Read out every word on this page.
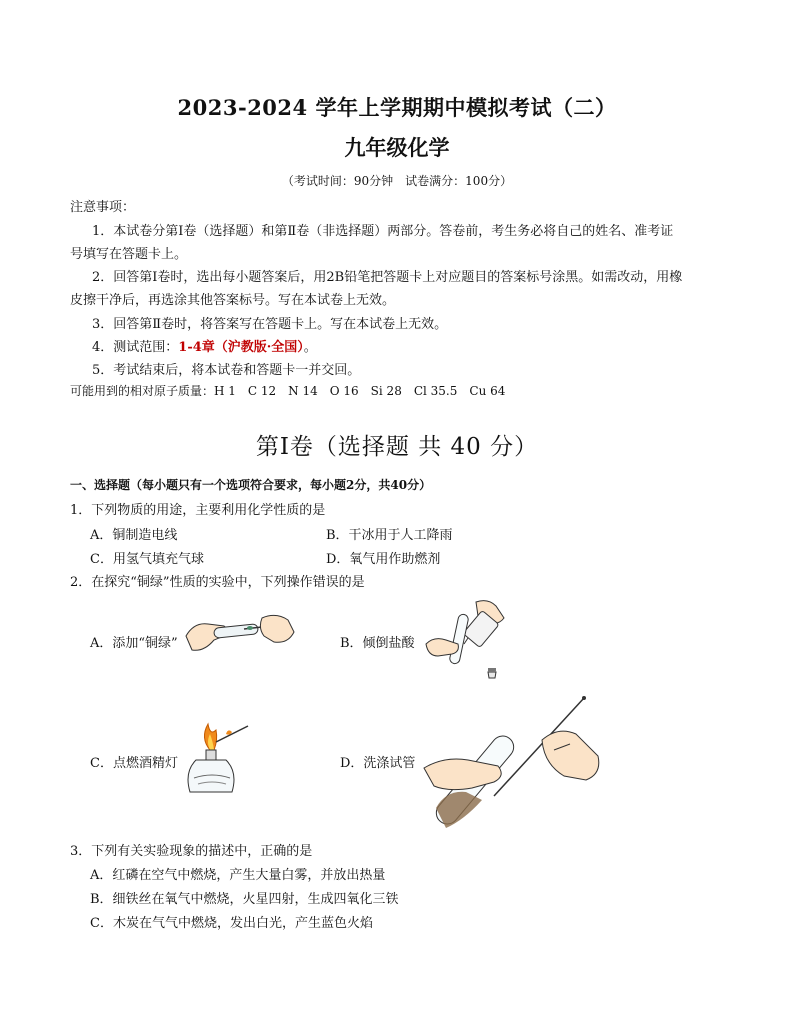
2023-2024 学年上学期期中模拟考试（二）
九年级化学
（考试时间：90分钟　试卷满分：100分）
注意事项：
1．本试卷分第Ⅰ卷（选择题）和第Ⅱ卷（非选择题）两部分。答卷前，考生务必将自己的姓名、准考证
号填写在答题卡上。
2．回答第Ⅰ卷时，选出每小题答案后，用2B铅笔把答题卡上对应题目的答案标号涂黑。如需改动，用橡
皮擦干净后，再选涂其他答案标号。写在本试卷上无效。
3．回答第Ⅱ卷时，将答案写在答题卡上。写在本试卷上无效。
4．测试范围：1-4章（沪教版·全国）。
5．考试结束后，将本试卷和答题卡一并交回。
可能用到的相对原子质量：H 1　C 12　N 14　O 16　Si 28　Cl 35.5　Cu 64
第Ⅰ卷（选择题 共 40 分）
一、选择题（每小题只有一个选项符合要求，每小题2分，共40分）
1．下列物质的用途，主要利用化学性质的是
A．铜制造电线	B．干冰用于人工降雨
C．用氢气填充气球	D．氧气用作助燃剂
2．在探究“铜绿”性质的实验中，下列操作错误的是
A．添加“铜绿”	B．倾倒盐酸
C．点燃酒精灯	D．洗涤试管
3．下列有关实验现象的描述中，正确的是
A．红磷在空气中燃烧，产生大量白雾，并放出热量
B．细铁丝在氧气中燃烧，火星四射，生成四氧化三铁
C．木炭在气气中燃烧，发出白光，产生蓝色火焰
